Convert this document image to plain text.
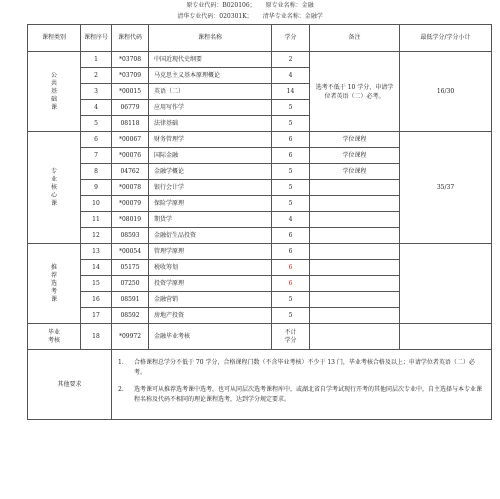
原专业代码：B020106； 原专业名称：金融
清华专业代码：020301K； 清华专业名称：金融学
课程类别	课程序号	课程代码	课程名称	学分	备注	最低学分/学分小计

公
共
基
础
课	1	*03708	中国近现代史纲要	2	选考不低于 10 学分，申请学位者英语（二）必考。	16/30
	2	*03709	马克思主义基本原理概论	4		
	3	*00015	英语（二）	14		
	4	06779	应用写作学	5		
	5	08118	法律基础	5		

专
业
核
心
课	6	*00067	财务管理学	6	学位课程	35/37
	7	*00076	国际金融	6	学位课程	
	8	04762	金融学概论	5	学位课程	
	9	*00078	银行会计学	5		
	10	*00079	保险学原理	5		
	11	*08019	期货学	4		
	12	08593	金融衍生品投资	6		

推
荐
选
考
课	13	*00054	管理学原理	6		
	14	05175	税收筹划	6		
	15	07250	投资学原理	6		
	16	08591	金融营销	5		
	17	08592	房地产投资	5		

毕业
考核	18	*09972	金融毕业考核	不计
学分		

其他要求		1. 合格课程总学分不低于 70 学分，合格课程门数（不含毕业考核）不少于 13 门，毕业考核合格及以上；申请学位者英语（二）必考。
2. 选考课可从推荐选考课中选考，也可从同层次选考课程库中，或湖北省自学考试现行开考的其他同层次专业中，自主选择与本专业课程名称及代码不相同的理论课程选考，达到学分规定要求。				
